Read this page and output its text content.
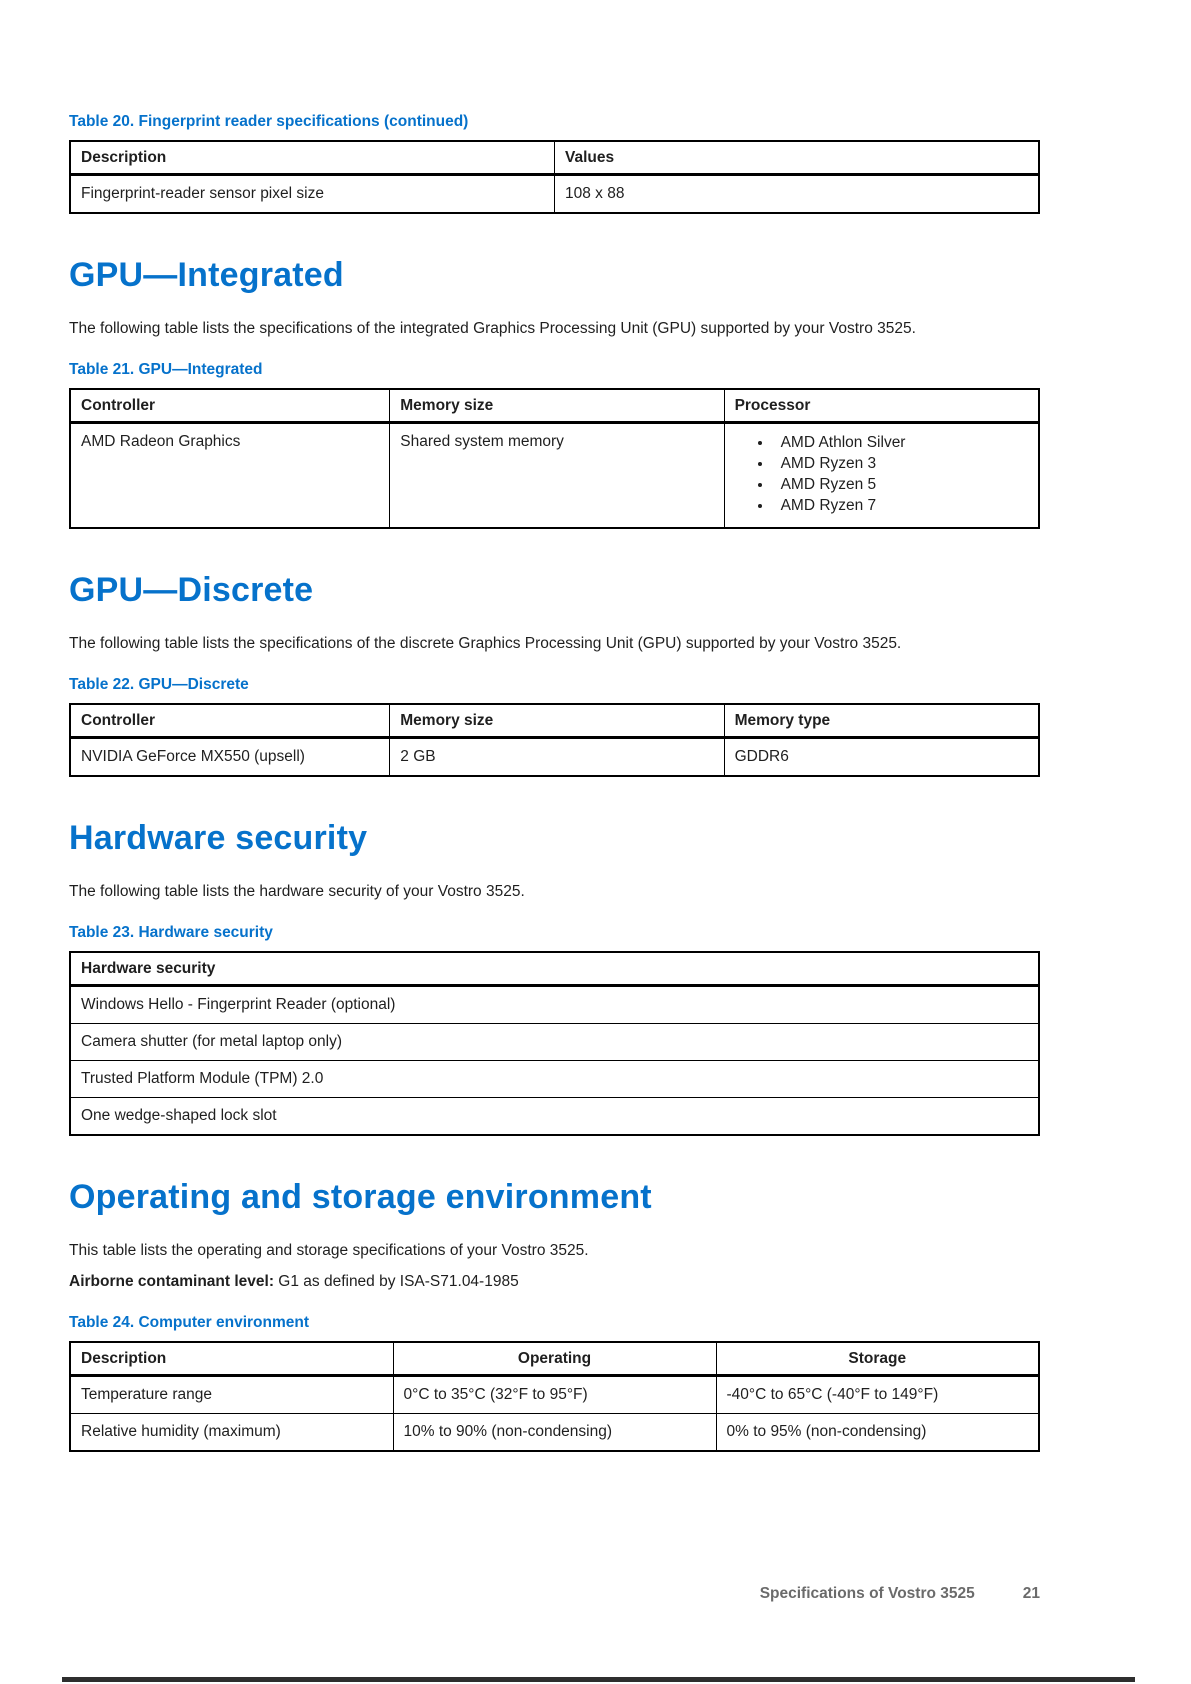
Table 20. Fingerprint reader specifications (continued)
Description	Values
Fingerprint-reader sensor pixel size	108 x 88
GPU—Integrated

The following table lists the specifications of the integrated Graphics Processing Unit (GPU) supported by your Vostro 3525.

Table 21. GPU—Integrated
Controller	Memory size	Processor
AMD Radeon Graphics	Shared system memory	
•AMD Athlon Silver
• AMD Ryzen 3
• AMD Ryzen 5
• AMD Ryzen 7
GPU—Discrete

The following table lists the specifications of the discrete Graphics Processing Unit (GPU) supported by your Vostro 3525.

Table 22. GPU—Discrete
Controller	Memory size	Memory type
NVIDIA GeForce MX550 (upsell)	2 GB	GDDR6
Hardware security

The following table lists the hardware security of your Vostro 3525.

Table 23. Hardware security
Hardware security
Windows Hello - Fingerprint Reader (optional)
Camera shutter (for metal laptop only)
Trusted Platform Module (TPM) 2.0
One wedge-shaped lock slot
Operating and storage environment

This table lists the operating and storage specifications of your Vostro 3525.

Airborne contaminant level: G1 as defined by ISA-S71.04-1985

Table 24. Computer environment
Description	Operating	Storage
Temperature range	0°C to 35°C (32°F to 95°F)	-40°C to 65°C (-40°F to 149°F)
Relative humidity (maximum)	10% to 90% (non-condensing)	0% to 95% (non-condensing)
Specifications of Vostro 3525	21
